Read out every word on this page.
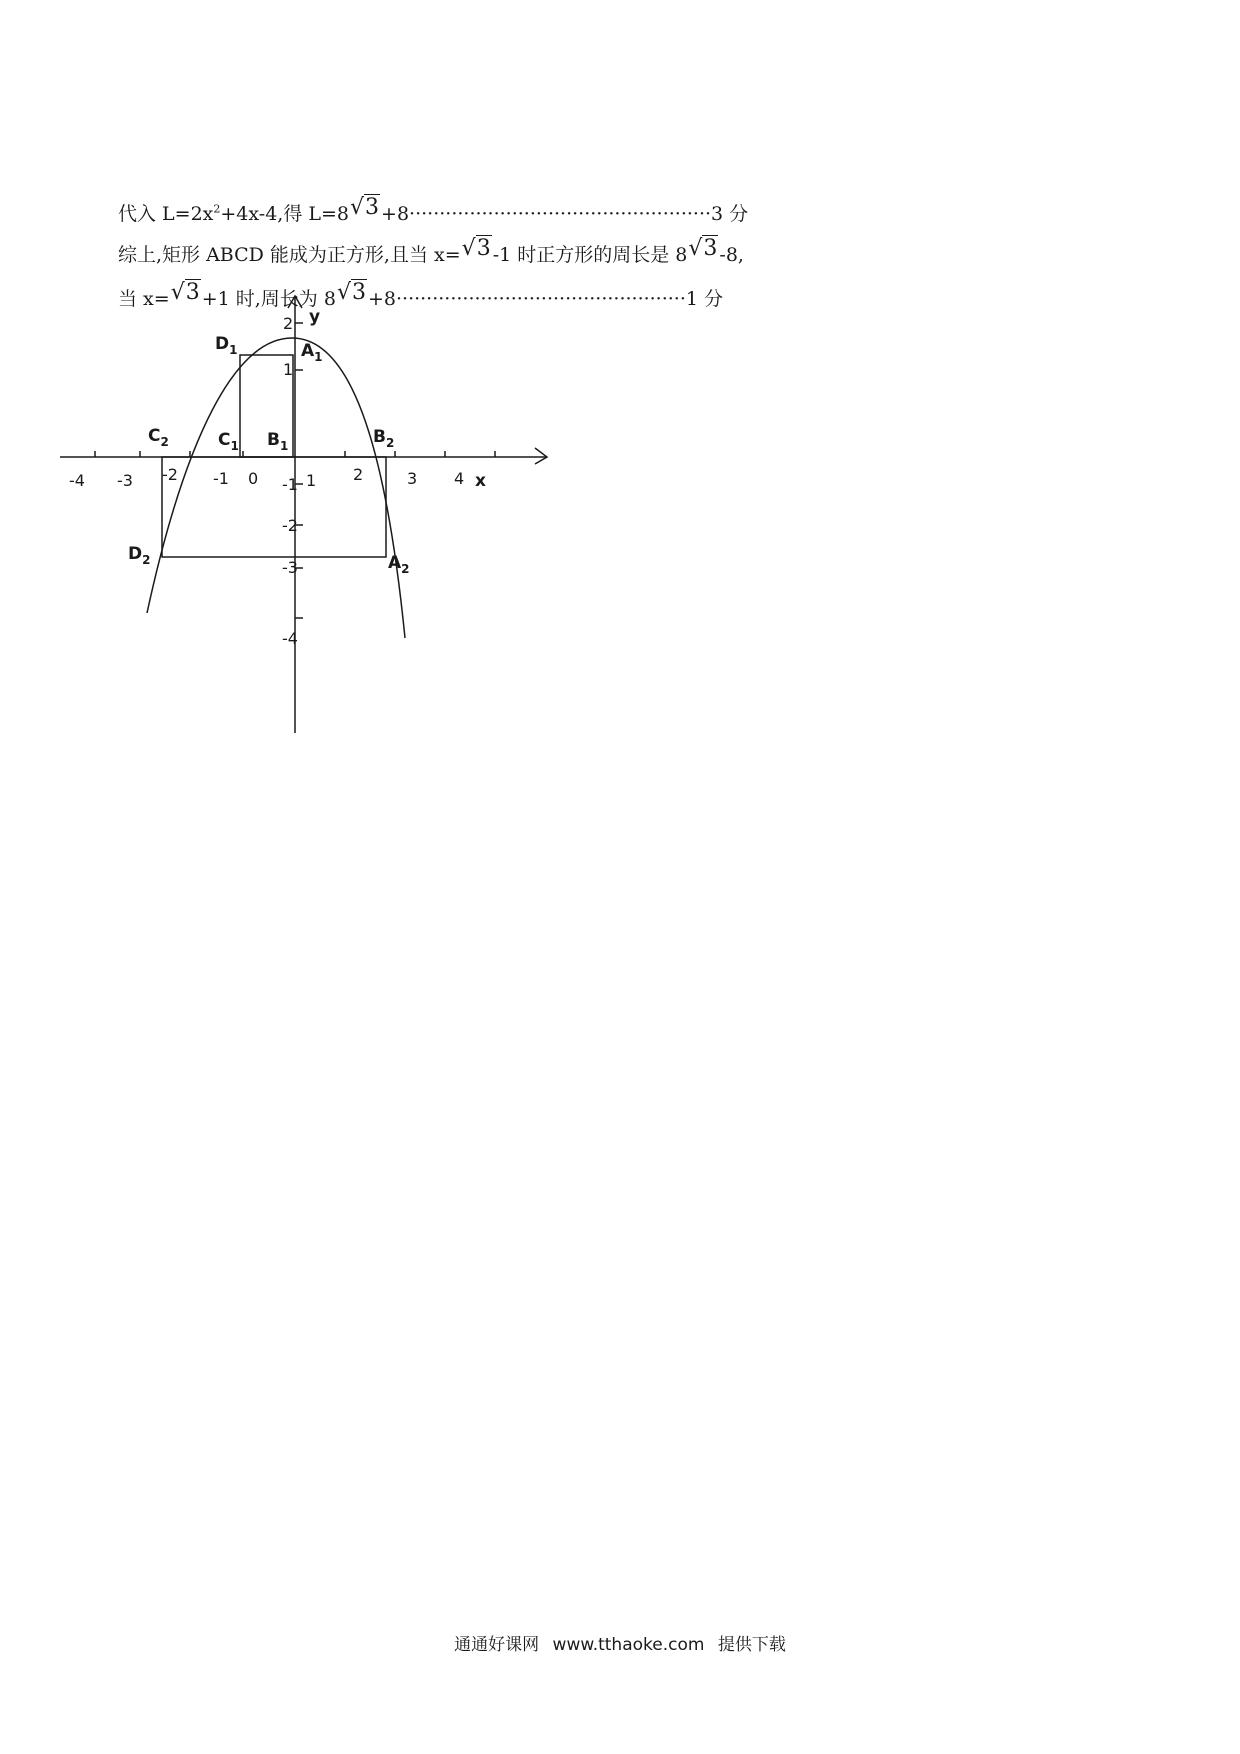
代入 $L=2x^2+4x-4$,得 L=8√3 +8··················································3 分
综上,矩形 ABCD 能成为正方形,且当 x=√3 -1 时正方形的周长是 8√3 -8,
当 x=√3 +1 时,周长为 8√3 +8················································1 分
-4 -3 -2 -1 0	1 2	3 4 x
y
2
1
-1
-2
-3
-4
$D_1$	$A_1$
$C_1$ $B_1$
$C_2$	$B_2$
$D_2$	$A_2$
通通好课网 www.tthaoke.com 提供下载
